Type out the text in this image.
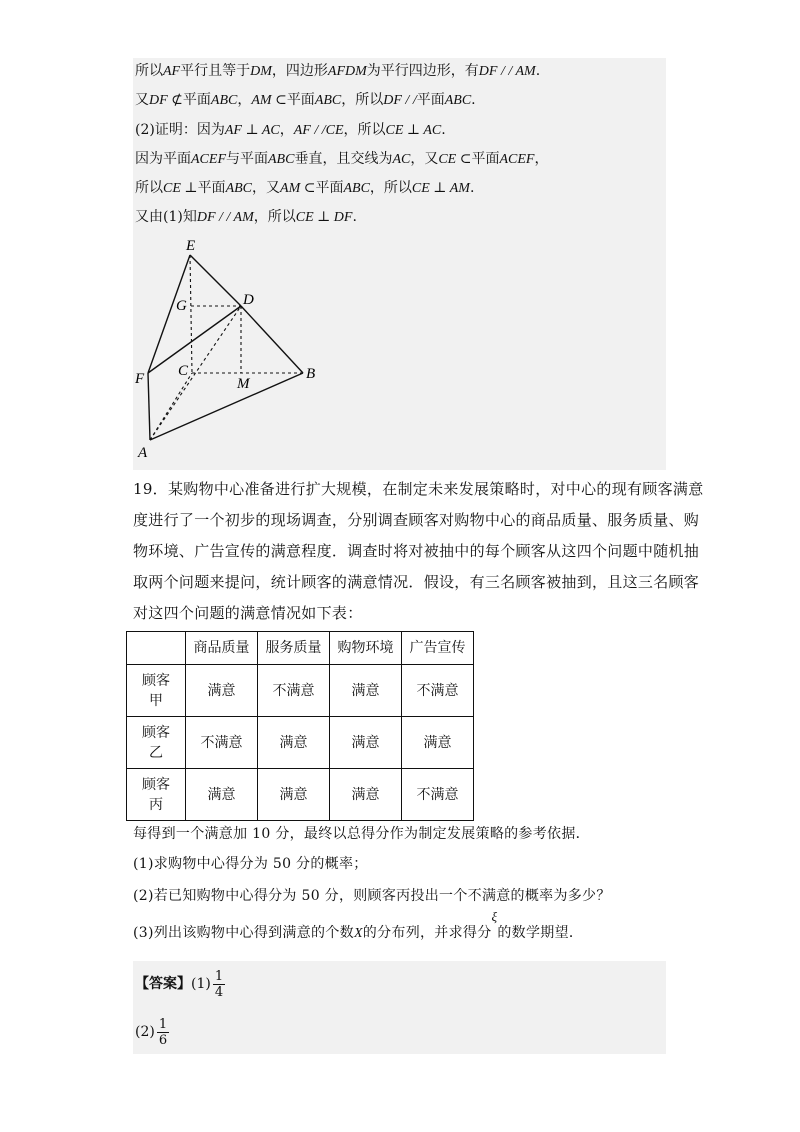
所以AF平行且等于DM，四边形AFDM为平行四边形，有DF / / AM.
又DF ⊄平面ABC，AM ⊂平面ABC，所以DF / /平面ABC.
(2)证明：因为AF ⊥ AC，AF / /CE，所以CE ⊥ AC.
因为平面ACEF与平面ABC垂直，且交线为AC，又CE ⊂平面ACEF，
所以CE ⊥平面ABC，又AM ⊂平面ABC，所以CE ⊥ AM.
又由(1)知DF / / AM，所以CE ⊥ DF.
E
G	D
F C
M
B
A
19．某购物中心准备进行扩大规模，在制定未来发展策略时，对中心的现有顾客满意
度进行了一个初步的现场调查，分别调查顾客对购物中心的商品质量、服务质量、购
物环境、广告宣传的满意程度．调查时将对被抽中的每个顾客从这四个问题中随机抽
取两个问题来提问，统计顾客的满意情况．假设，有三名顾客被抽到，且这三名顾客
对这四个问题的满意情况如下表：
	商品质量	服务质量	购物环境	广告宣传
顾客
甲	满意	不满意	满意	不满意
顾客
乙	不满意	满意	满意	满意
顾客
丙	满意	满意	满意	不满意
每得到一个满意加 10 分，最终以总得分作为制定发展策略的参考依据．
(1)求购物中心得分为 50 分的概率；
(2)若已知购物中心得分为 50 分，则顾客丙投出一个不满意的概率为多少？
(3)列出该购物中心得到满意的个数X的分布列，并求得分ξ的数学期望．
【答案】$(1) \frac{1}{4}$
$(2) \frac{1}{6}$
